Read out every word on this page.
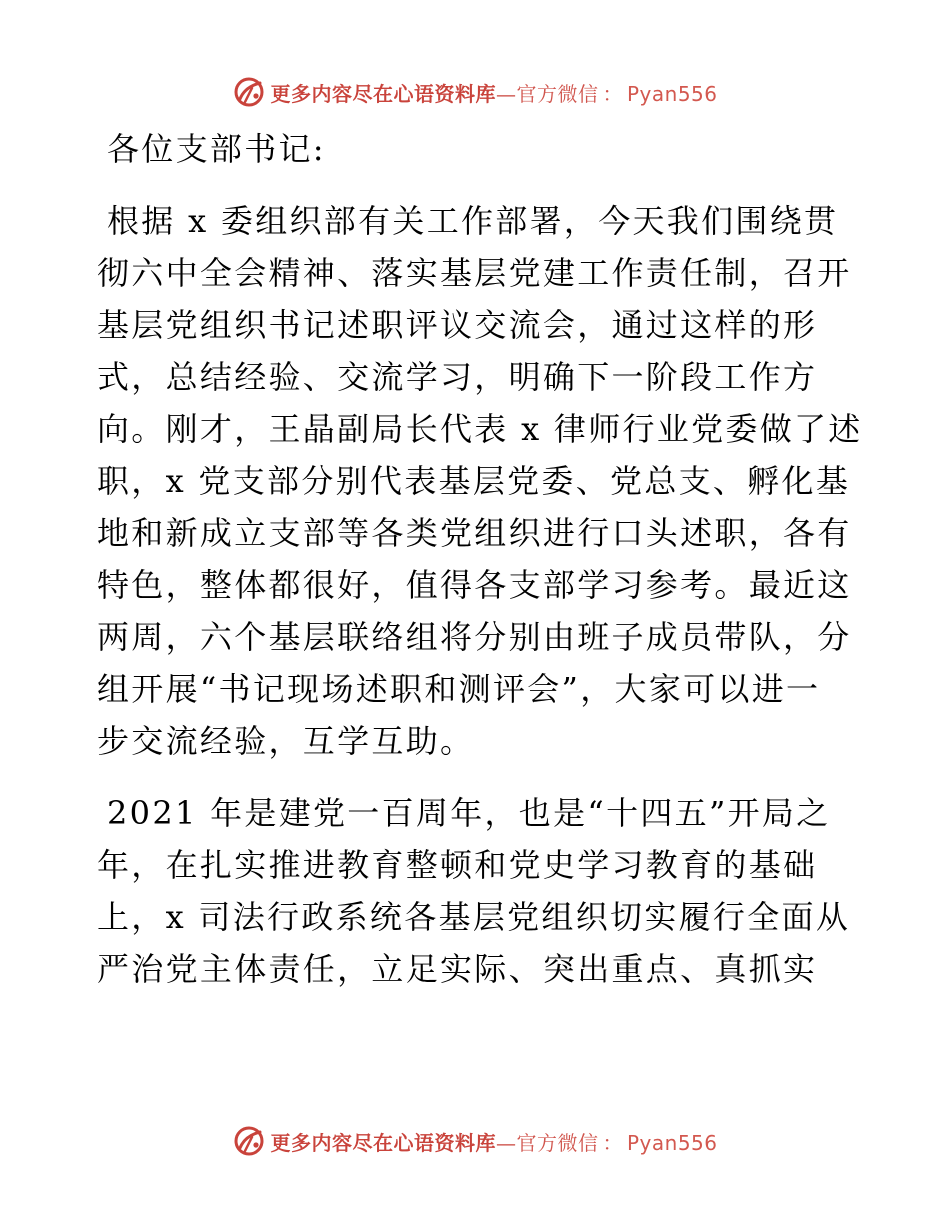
更多内容尽在心语资料库—官方微信 ： Pyan556
各位支部书记:
根据 x 委组织部有关工作部署，今天我们围绕贯
彻六中全会精神、落实基层党建工作责任制，召开
基层党组织书记述职评议交流会，通过这样的形
式，总结经验、交流学习，明确下一阶段工作方
向。刚才，王晶副局长代表 x 律师行业党委做了述
职，x 党支部分别代表基层党委、党总支、孵化基
地和新成立支部等各类党组织进行口头述职，各有
特色，整体都很好，值得各支部学习参考。最近这
两周，六个基层联络组将分别由班子成员带队，分
组开展“书记现场述职和测评会”，大家可以进一
步交流经验，互学互助。
2021 年是建党一百周年，也是“十四五”开局之
年，在扎实推进教育整顿和党史学习教育的基础
上，x 司法行政系统各基层党组织切实履行全面从
严治党主体责任，立足实际、突出重点、真抓实
更多内容尽在心语资料库—官方微信 ： Pyan556
